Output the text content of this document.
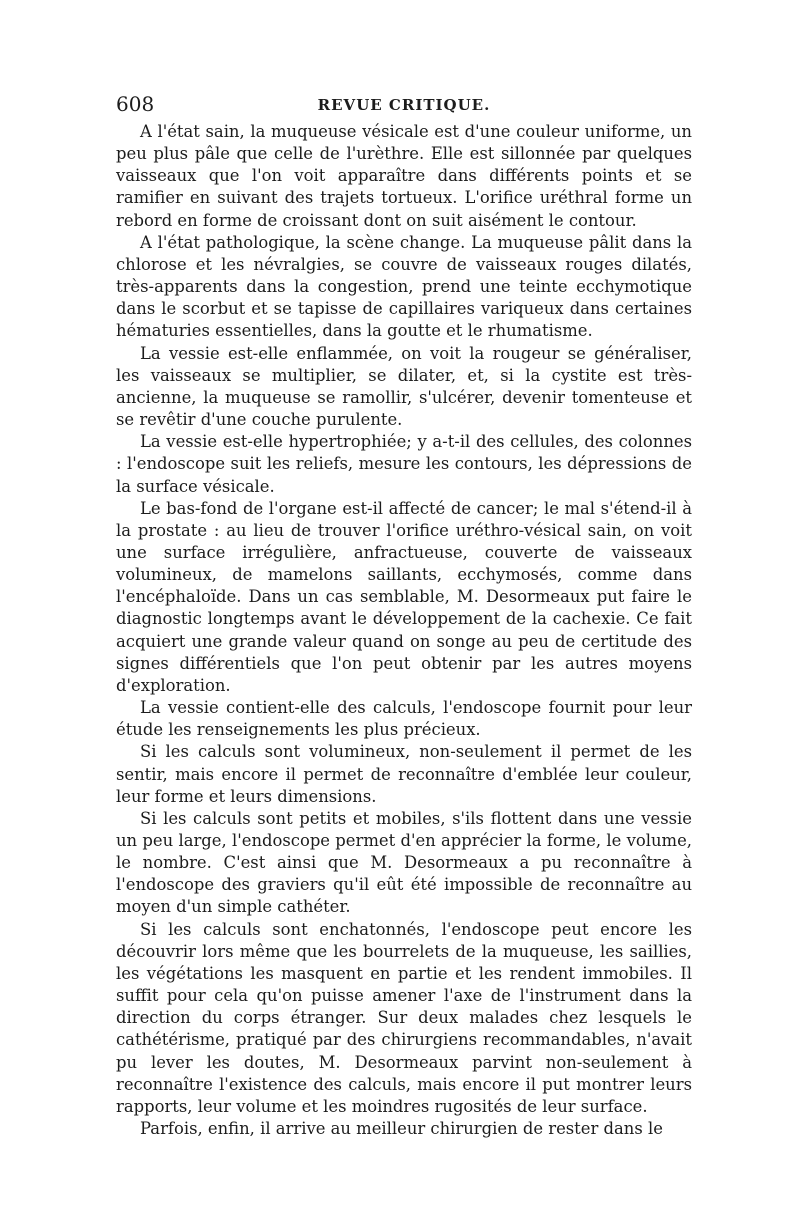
608	REVUE CRITIQUE.

A l'état sain, la muqueuse vésicale est d'une couleur uniforme, un peu plus pâle que celle de l'urèthre. Elle est sillonnée par quelques vaisseaux que l'on voit apparaître dans différents points et se ramifier en suivant des trajets tortueux. L'orifice uréthral forme un rebord en forme de croissant dont on suit aisément le contour.

A l'état pathologique, la scène change. La muqueuse pâlit dans la chlorose et les névralgies, se couvre de vaisseaux rouges dilatés, très-apparents dans la congestion, prend une teinte ecchymotique dans le scorbut et se tapisse de capillaires variqueux dans certaines hématuries essentielles, dans la goutte et le rhumatisme.

La vessie est-elle enflammée, on voit la rougeur se généraliser, les vaisseaux se multiplier, se dilater, et, si la cystite est très-ancienne, la muqueuse se ramollir, s'ulcérer, devenir tomenteuse et se revêtir d'une couche purulente.

La vessie est-elle hypertrophiée; y a-t-il des cellules, des colonnes : l'endoscope suit les reliefs, mesure les contours, les dépressions de la surface vésicale.

Le bas-fond de l'organe est-il affecté de cancer; le mal s'étend-il à la prostate : au lieu de trouver l'orifice uréthro-vésical sain, on voit une surface irrégulière, anfractueuse, couverte de vaisseaux volumineux, de mamelons saillants, ecchymosés, comme dans l'encéphaloïde. Dans un cas semblable, M. Desormeaux put faire le diagnostic longtemps avant le développement de la cachexie. Ce fait acquiert une grande valeur quand on songe au peu de certitude des signes différentiels que l'on peut obtenir par les autres moyens d'exploration.

La vessie contient-elle des calculs, l'endoscope fournit pour leur étude les renseignements les plus précieux.

Si les calculs sont volumineux, non-seulement il permet de les sentir, mais encore il permet de reconnaître d'emblée leur couleur, leur forme et leurs dimensions.

Si les calculs sont petits et mobiles, s'ils flottent dans une vessie un peu large, l'endoscope permet d'en apprécier la forme, le volume, le nombre. C'est ainsi que M. Desormeaux a pu reconnaître à l'endoscope des graviers qu'il eût été impossible de reconnaître au moyen d'un simple cathéter.

Si les calculs sont enchatonnés, l'endoscope peut encore les découvrir lors même que les bourrelets de la muqueuse, les saillies, les végétations les masquent en partie et les rendent immobiles. Il suffit pour cela qu'on puisse amener l'axe de l'instrument dans la direction du corps étranger. Sur deux malades chez lesquels le cathétérisme, pratiqué par des chirurgiens recommandables, n'avait pu lever les doutes, M. Desormeaux parvint non-seulement à reconnaître l'existence des calculs, mais encore il put montrer leurs rapports, leur volume et les moindres rugosités de leur surface.

Parfois, enfin, il arrive au meilleur chirurgien de rester dans le
